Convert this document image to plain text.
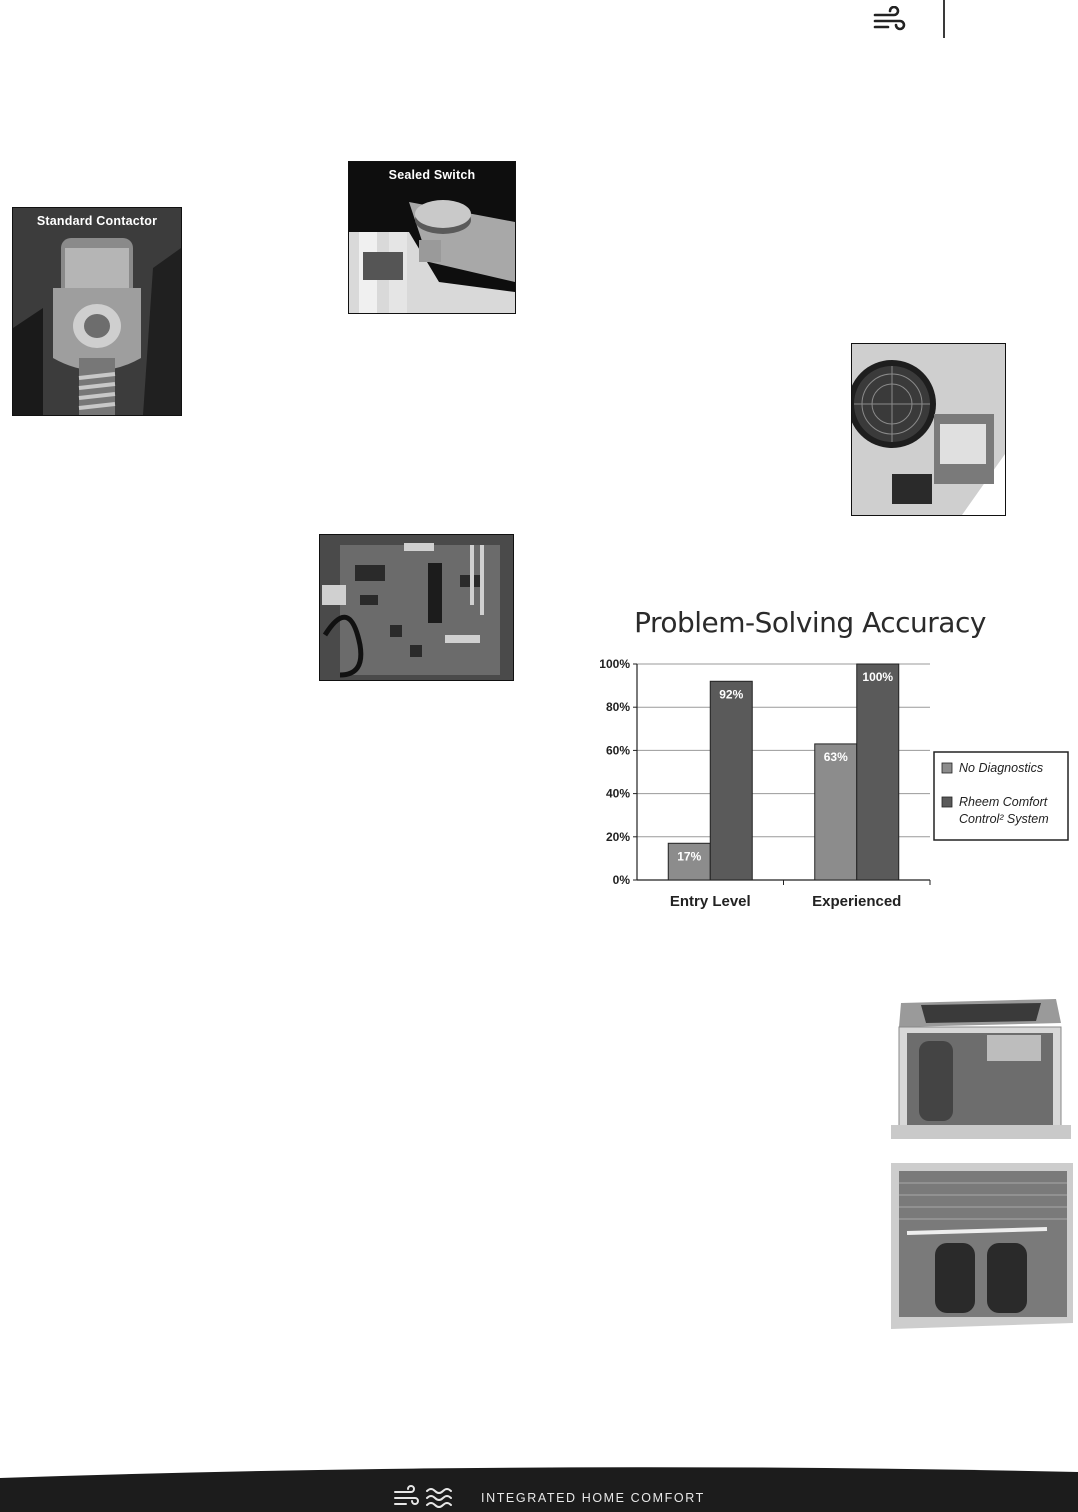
Standard Contactor
Sealed Switch
Problem-Solving Accuracy
0%
20%
40%
60%
80%
100%
17%
92%
Entry Level
63%
100%
Experienced
No Diagnostics
Rheem Comfort Control² System
INTEGRATED HOME COMFORT
